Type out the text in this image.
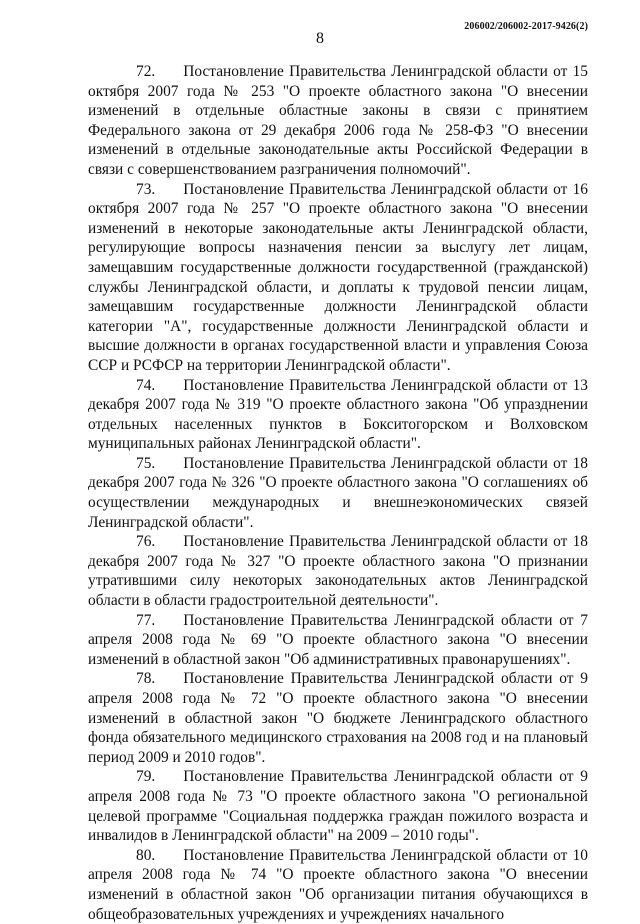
206002/206002-2017-9426(2)
8

72. Постановление Правительства Ленинградской области от 15 октября 2007 года № 253 "О проекте областного закона "О внесении изменений в отдельные областные законы в связи с принятием Федерального закона от 29 декабря 2006 года № 258-ФЗ "О внесении изменений в отдельные законодательные акты Российской Федерации в связи с совершенствованием разграничения полномочий".

73. Постановление Правительства Ленинградской области от 16 октября 2007 года № 257 "О проекте областного закона "О внесении изменений в некоторые законодательные акты Ленинградской области, регулирующие вопросы назначения пенсии за выслугу лет лицам, замещавшим государственные должности государственной (гражданской) службы Ленинградской области, и доплаты к трудовой пенсии лицам, замещавшим государственные должности Ленинградской области категории "А", государственные должности Ленинградской области и высшие должности в органах государственной власти и управления Союза ССР и РСФСР на территории Ленинградской области".

74. Постановление Правительства Ленинградской области от 13 декабря 2007 года № 319 "О проекте областного закона "Об упразднении отдельных населенных пунктов в Бокситогорском и Волховском муниципальных районах Ленинградской области".

75. Постановление Правительства Ленинградской области от 18 декабря 2007 года № 326 "О проекте областного закона "О соглашениях об осуществлении международных и внешнеэкономических связей Ленинградской области".

76. Постановление Правительства Ленинградской области от 18 декабря 2007 года № 327 "О проекте областного закона "О признании утратившими силу некоторых законодательных актов Ленинградской области в области градостроительной деятельности".

77. Постановление Правительства Ленинградской области от 7 апреля 2008 года № 69 "О проекте областного закона "О внесении изменений в областной закон "Об административных правонарушениях".

78. Постановление Правительства Ленинградской области от 9 апреля 2008 года № 72 "О проекте областного закона "О внесении изменений в областной закон "О бюджете Ленинградского областного фонда обязательного медицинского страхования на 2008 год и на плановый период 2009 и 2010 годов".

79. Постановление Правительства Ленинградской области от 9 апреля 2008 года № 73 "О проекте областного закона "О региональной целевой программе "Социальная поддержка граждан пожилого возраста и инвалидов в Ленинградской области" на 2009 – 2010 годы".

80. Постановление Правительства Ленинградской области от 10 апреля 2008 года № 74 "О проекте областного закона "О внесении изменений в областной закон "Об организации питания обучающихся в общеобразовательных учреждениях и учреждениях начального
